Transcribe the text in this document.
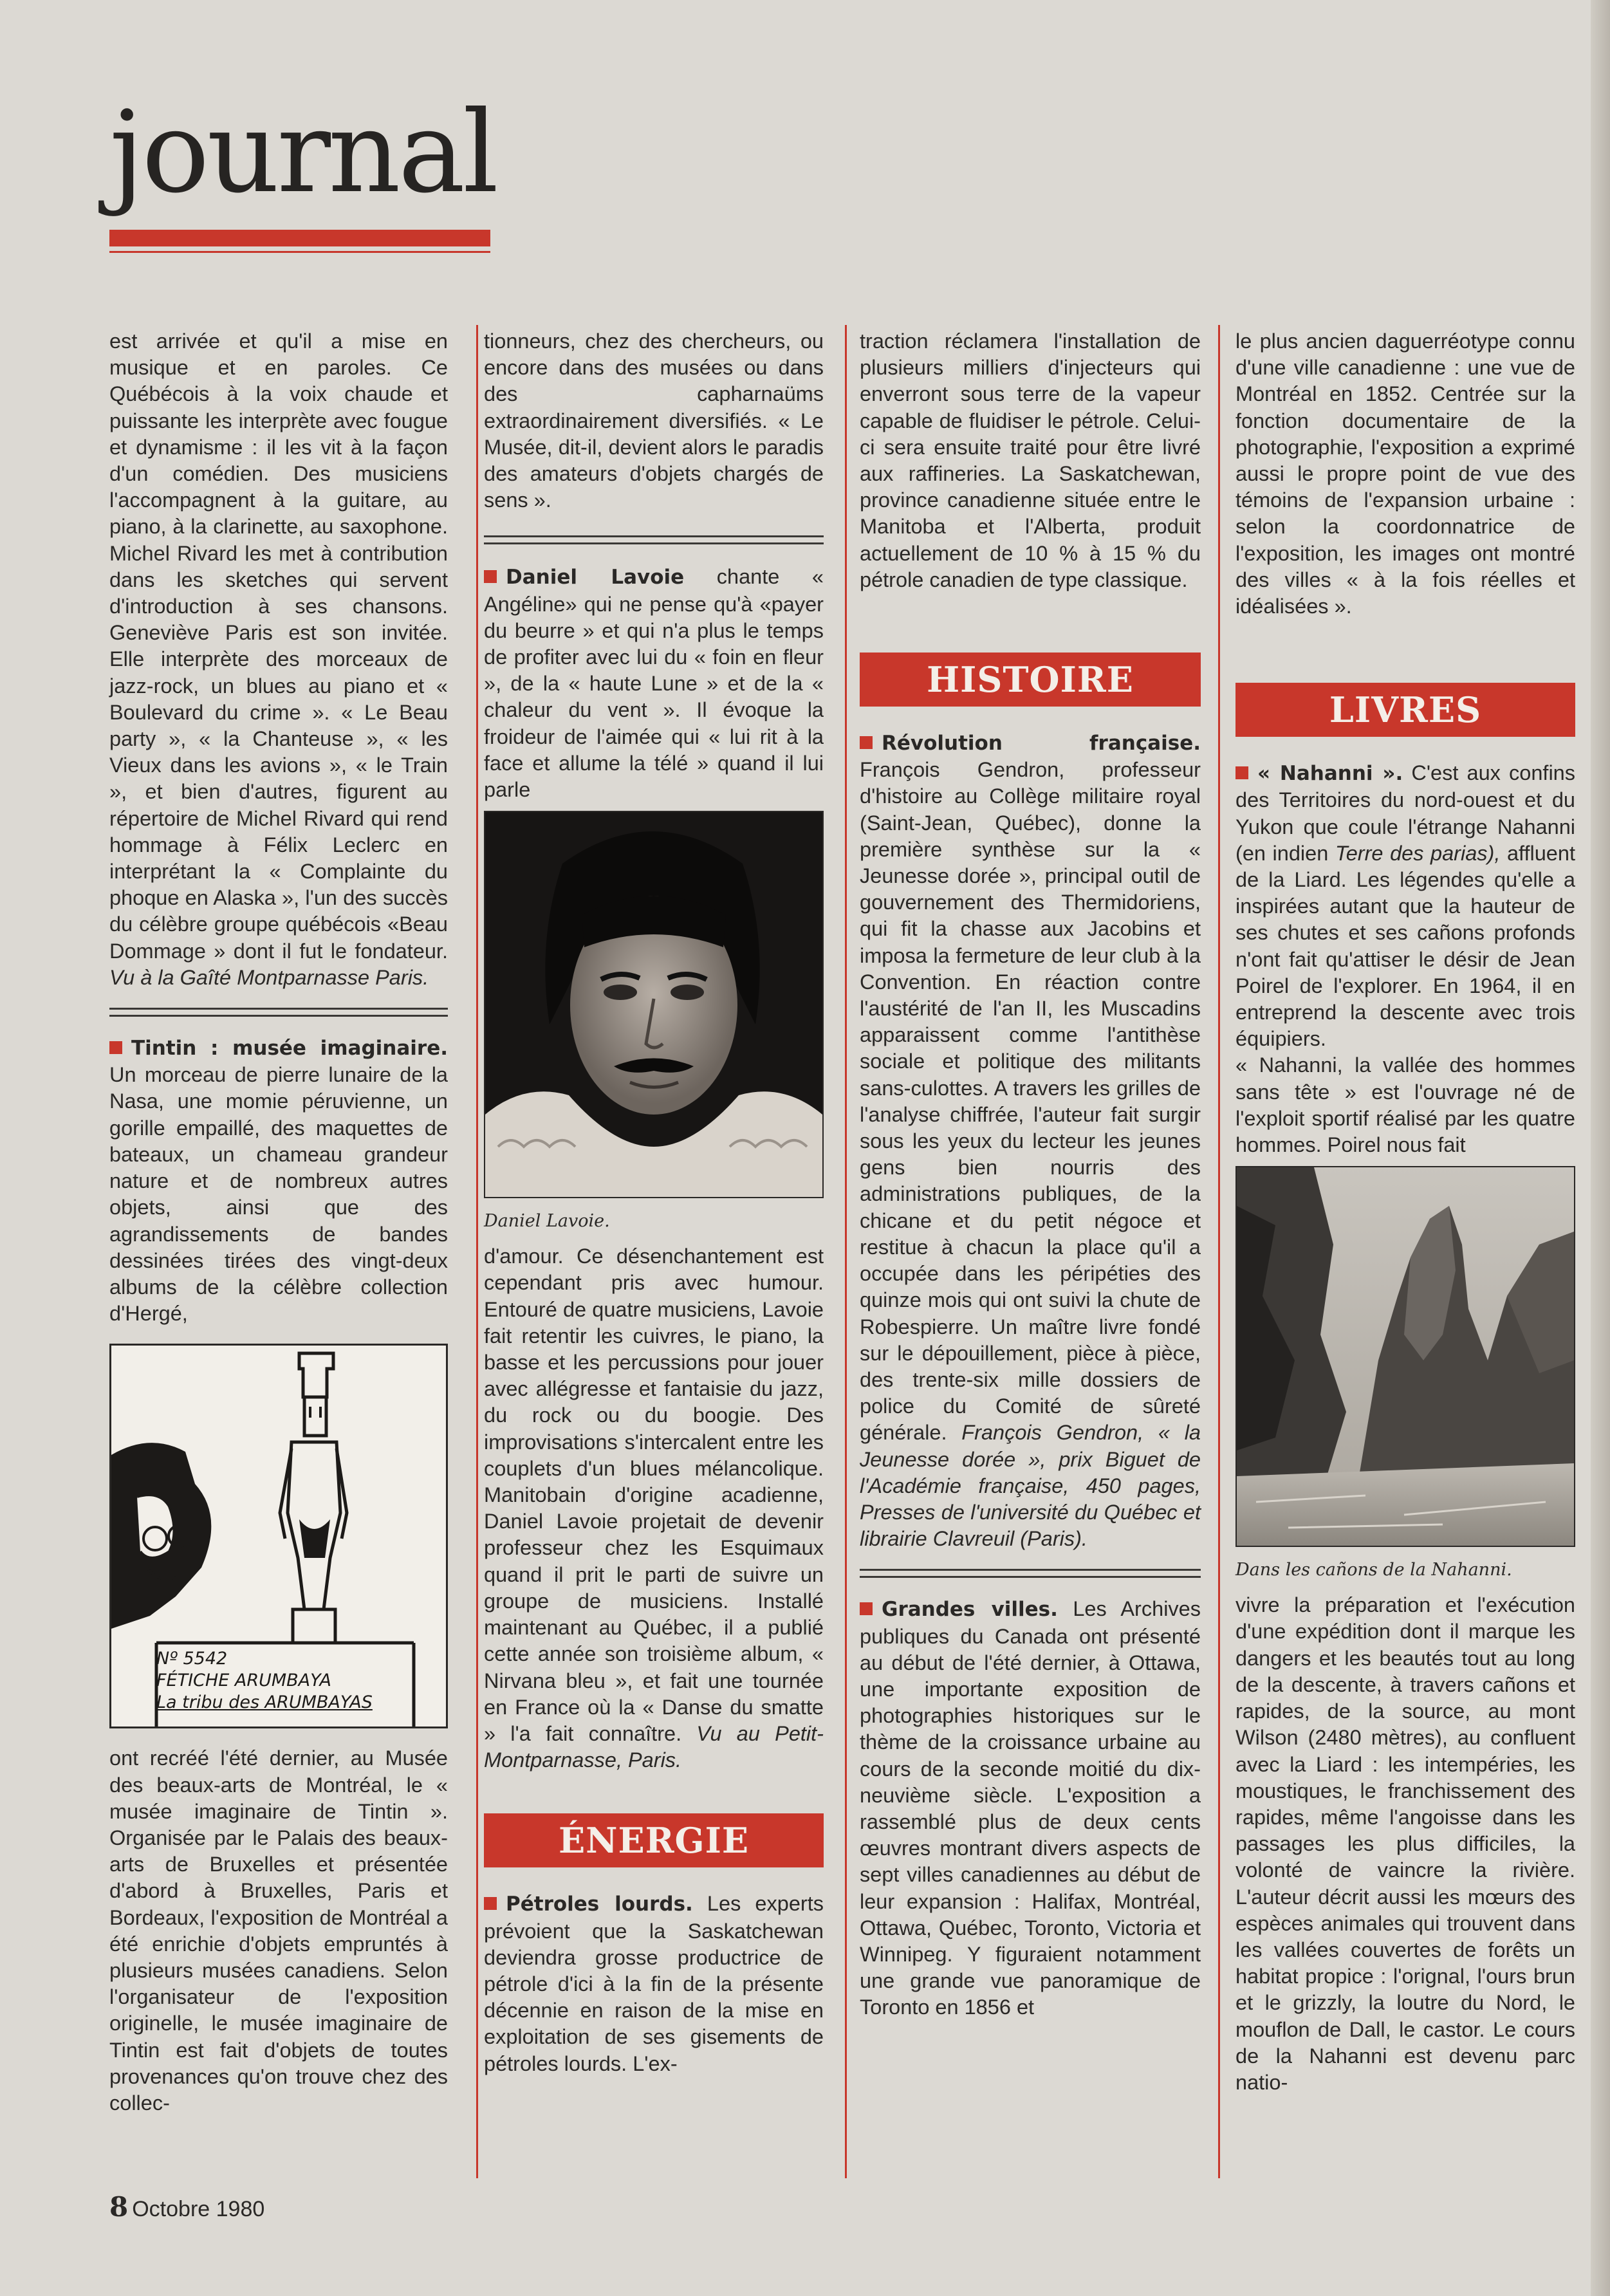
journal

est arrivée et qu'il a mise en musique et en paroles. Ce Québécois à la voix chaude et puissante les interprète avec fougue et dynamisme : il les vit à la façon d'un comédien. Des musiciens l'accompagnent à la guitare, au piano, à la clarinette, au saxophone. Michel Rivard les met à contribution dans les sketches qui servent d'introduction à ses chansons. Geneviève Paris est son invitée. Elle interprète des morceaux de jazz-rock, un blues au piano et « Boulevard du crime ». « Le Beau party », « la Chanteuse », « les Vieux dans les avions », « le Train », et bien d'autres, figurent au répertoire de Michel Rivard qui rend hommage à Félix Leclerc en interprétant la « Complainte du phoque en Alaska », l'un des succès du célèbre groupe québécois «Beau Dommage » dont il fut le fondateur. Vu à la Gaîté Montparnasse Paris.

Tintin : musée imaginaire. Un morceau de pierre lunaire de la Nasa, une momie péruvienne, un gorille empaillé, des maquettes de bateaux, un chameau grandeur nature et de nombreux autres objets, ainsi que des agrandissements de bandes dessinées tirées des vingt-deux albums de la célèbre collection d'Hergé,

Nº 5542
FÉTICHE ARUMBAYA
La tribu des ARUMBAYAS

ont recréé l'été dernier, au Musée des beaux-arts de Montréal, le « musée imaginaire de Tintin ». Organisée par le Palais des beaux-arts de Bruxelles et présentée d'abord à Bruxelles, Paris et Bordeaux, l'exposition de Montréal a été enrichie d'objets empruntés à plusieurs musées canadiens. Selon l'organisateur de l'exposition originelle, le musée imaginaire de Tintin est fait d'objets de toutes provenances qu'on trouve chez des collec-

tionneurs, chez des chercheurs, ou encore dans des musées ou dans des capharnaüms extraordinairement diversifiés. « Le Musée, dit-il, devient alors le paradis des amateurs d'objets chargés de sens ».

Daniel Lavoie chante « Angéline» qui ne pense qu'à «payer du beurre » et qui n'a plus le temps de profiter avec lui du « foin en fleur », de la « haute Lune » et de la « chaleur du vent ». Il évoque la froideur de l'aimée qui « lui rit à la face et allume la télé » quand il lui parle

Daniel Lavoie.

d'amour. Ce désenchantement est cependant pris avec humour. Entouré de quatre musiciens, Lavoie fait retentir les cuivres, le piano, la basse et les percussions pour jouer avec allégresse et fantaisie du jazz, du rock ou du boogie. Des improvisations s'intercalent entre les couplets d'un blues mélancolique. Manitobain d'origine acadienne, Daniel Lavoie projetait de devenir professeur chez les Esquimaux quand il prit le parti de suivre un groupe de musiciens. Installé maintenant au Québec, il a publié cette année son troisième album, « Nirvana bleu », et fait une tournée en France où la « Danse du smatte » l'a fait connaître. Vu au Petit-Montparnasse, Paris.

ÉNERGIE

Pétroles lourds. Les experts prévoient que la Saskatchewan deviendra grosse productrice de pétrole d'ici à la fin de la présente décennie en raison de la mise en exploitation de ses gisements de pétroles lourds. L'ex-

traction réclamera l'installation de plusieurs milliers d'injecteurs qui enverront sous terre de la vapeur capable de fluidiser le pétrole. Celui-ci sera ensuite traité pour être livré aux raffineries. La Saskatchewan, province canadienne située entre le Manitoba et l'Alberta, produit actuellement de 10 % à 15 % du pétrole canadien de type classique.

HISTOIRE

Révolution française. François Gendron, professeur d'histoire au Collège militaire royal (Saint-Jean, Québec), donne la première synthèse sur la « Jeunesse dorée », principal outil de gouvernement des Thermidoriens, qui fit la chasse aux Jacobins et imposa la fermeture de leur club à la Convention. En réaction contre l'austérité de l'an II, les Muscadins apparaissent comme l'antithèse sociale et politique des militants sans-culottes. A travers les grilles de l'analyse chiffrée, l'auteur fait surgir sous les yeux du lecteur les jeunes gens bien nourris des administrations publiques, de la chicane et du petit négoce et restitue à chacun la place qu'il a occupée dans les péripéties des quinze mois qui ont suivi la chute de Robespierre. Un maître livre fondé sur le dépouillement, pièce à pièce, des trente-six mille dossiers de police du Comité de sûreté générale. François Gendron, « la Jeunesse dorée », prix Biguet de l'Académie française, 450 pages, Presses de l'université du Québec et librairie Clavreuil (Paris).

Grandes villes. Les Archives publiques du Canada ont présenté au début de l'été dernier, à Ottawa, une importante exposition de photographies historiques sur le thème de la croissance urbaine au cours de la seconde moitié du dix-neuvième siècle. L'exposition a rassemblé plus de deux cents œuvres montrant divers aspects de sept villes canadiennes au début de leur expansion : Halifax, Montréal, Ottawa, Québec, Toronto, Victoria et Winnipeg. Y figuraient notamment une grande vue panoramique de Toronto en 1856 et

le plus ancien daguerréotype connu d'une ville canadienne : une vue de Montréal en 1852. Centrée sur la fonction documentaire de la photographie, l'exposition a exprimé aussi le propre point de vue des témoins de l'expansion urbaine : selon la coordonnatrice de l'exposition, les images ont montré des villes « à la fois réelles et idéalisées ».

LIVRES

« Nahanni ». C'est aux confins des Territoires du nord-ouest et du Yukon que coule l'étrange Nahanni (en indien Terre des parias), affluent de la Liard. Les légendes qu'elle a inspirées autant que la hauteur de ses chutes et ses cañons profonds n'ont fait qu'attiser le désir de Jean Poirel de l'explorer. En 1964, il en entreprend la descente avec trois équipiers.

« Nahanni, la vallée des hommes sans tête » est l'ouvrage né de l'exploit sportif réalisé par les quatre hommes. Poirel nous fait

Dans les cañons de la Nahanni.

vivre la préparation et l'exécution d'une expédition dont il marque les dangers et les beautés tout au long de la descente, à travers cañons et rapides, de la source, au mont Wilson (2480 mètres), au confluent avec la Liard : les intempéries, les moustiques, le franchissement des rapides, même l'angoisse dans les passages les plus difficiles, la volonté de vaincre la rivière. L'auteur décrit aussi les mœurs des espèces animales qui trouvent dans les vallées couvertes de forêts un habitat propice : l'orignal, l'ours brun et le grizzly, la loutre du Nord, le mouflon de Dall, le castor. Le cours de la Nahanni est devenu parc natio-

8 Octobre 1980
